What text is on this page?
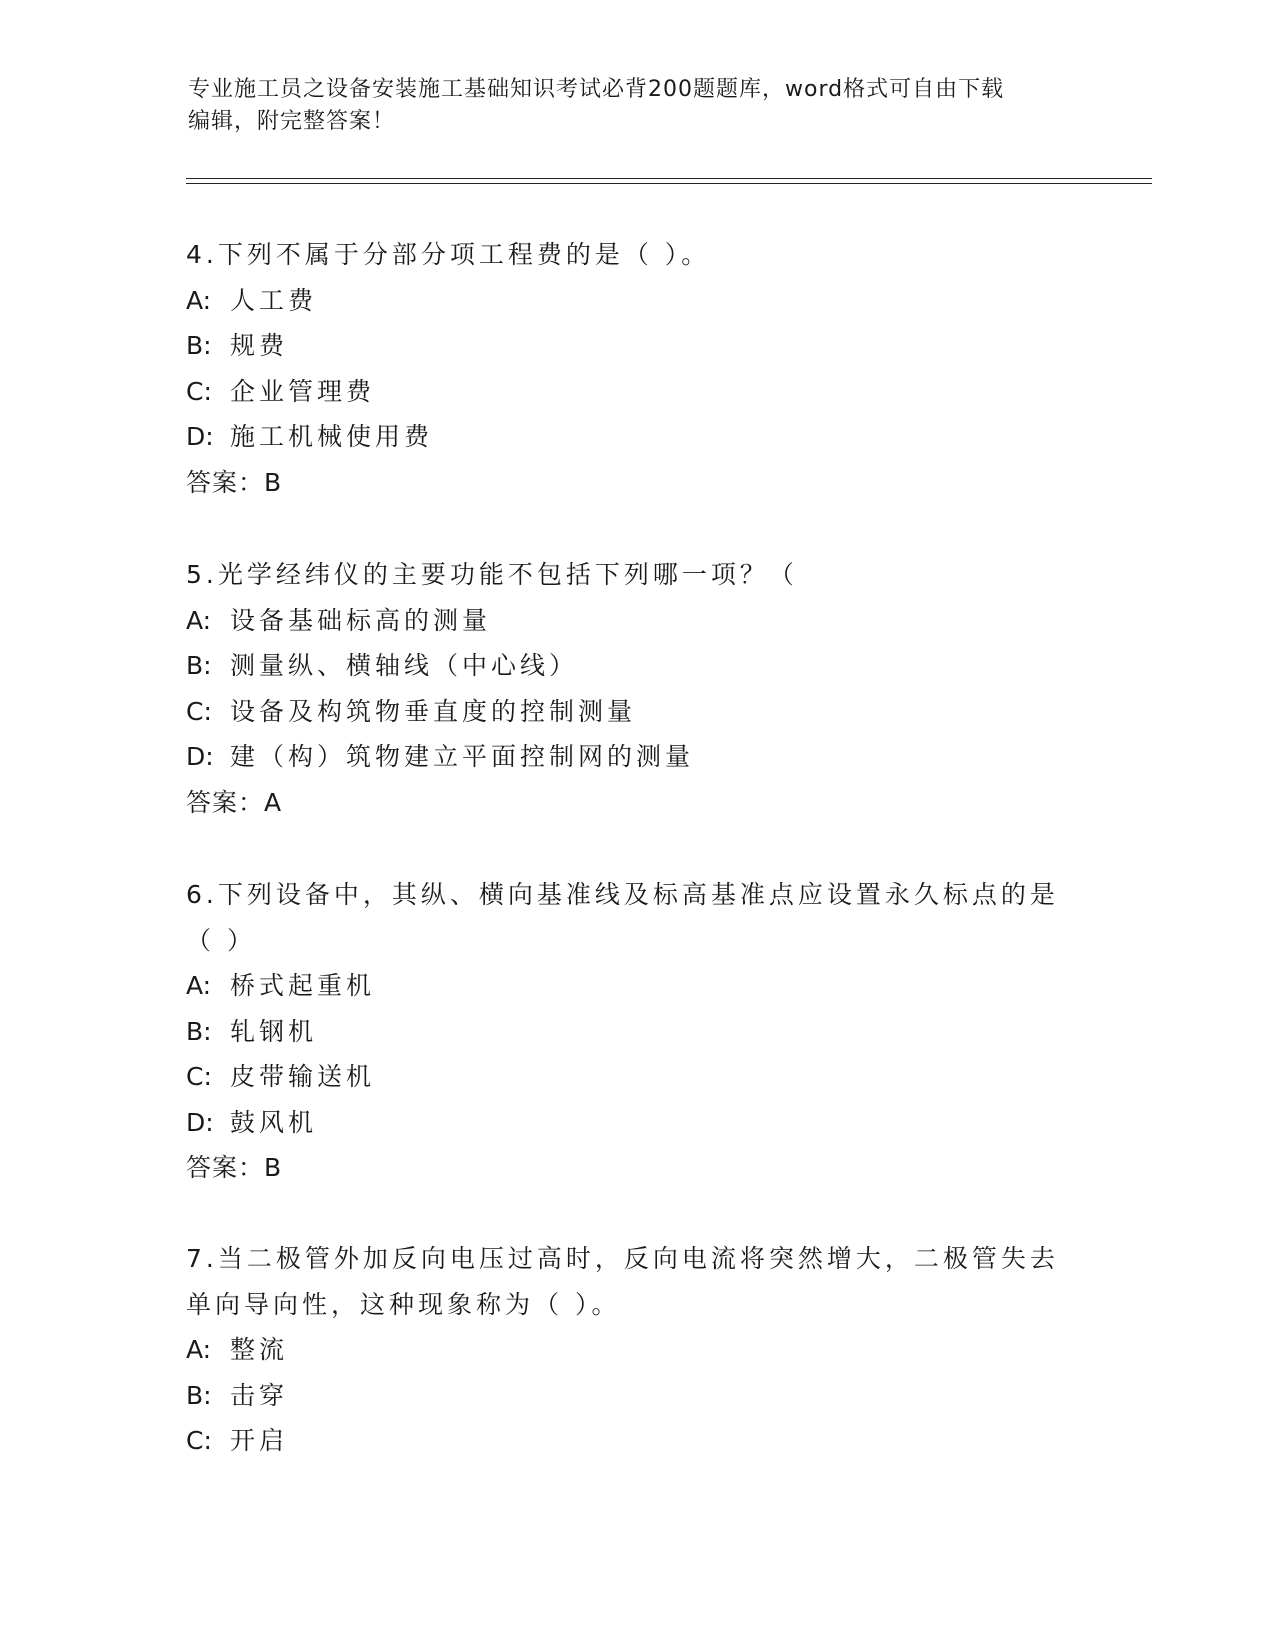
专业施工员之设备安装施工基础知识考试必背200题题库，word格式可自由下载
编辑，附完整答案！
4.下列不属于分部分项工程费的是（ ）。
A: 人工费
B: 规费
C: 企业管理费
D: 施工机械使用费
答案：B
5.光学经纬仪的主要功能不包括下列哪一项？（
A: 设备基础标高的测量
B: 测量纵、横轴线（中心线）
C: 设备及构筑物垂直度的控制测量
D: 建（构）筑物建立平面控制网的测量
答案：A
6.下列设备中，其纵、横向基准线及标高基准点应设置永久标点的是
（ ）
A: 桥式起重机
B: 轧钢机
C: 皮带输送机
D: 鼓风机
答案：B
7.当二极管外加反向电压过高时，反向电流将突然增大，二极管失去
单向导向性，这种现象称为（ ）。
A: 整流
B: 击穿
C: 开启
